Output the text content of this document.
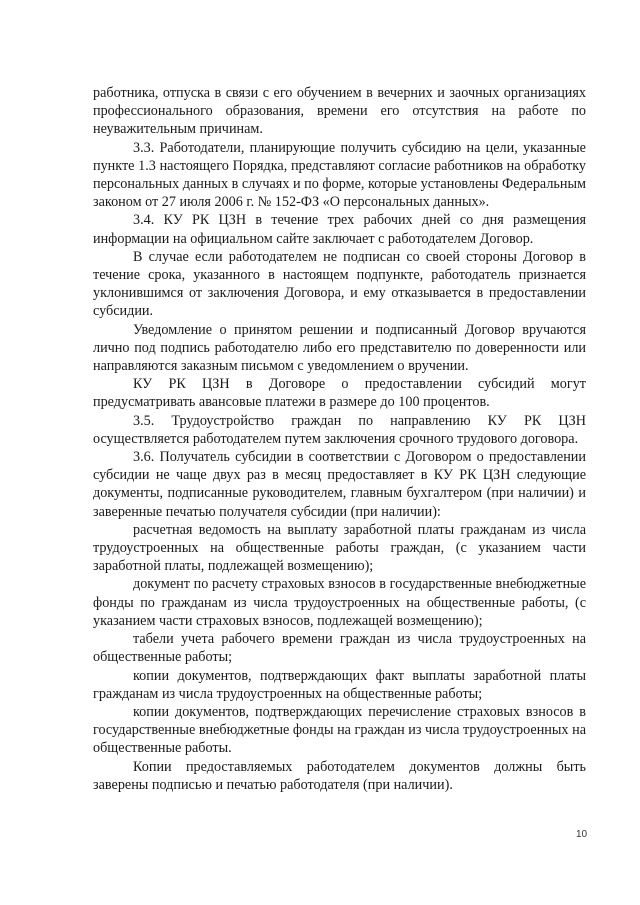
работника, отпуска в связи с его обучением в вечерних и заочных организациях профессионального образования, времени его отсутствия на работе по неуважительным причинам.

3.3. Работодатели, планирующие получить субсидию на цели, указанные пункте 1.3 настоящего Порядка, представляют согласие работников на обработку персональных данных в случаях и по форме, которые установлены Федеральным законом от 27 июля 2006 г. № 152-ФЗ «О персональных данных».

3.4. КУ РК ЦЗН в течение трех рабочих дней со дня размещения информации на официальном сайте заключает с работодателем Договор.

В случае если работодателем не подписан со своей стороны Договор в течение срока, указанного в настоящем подпункте, работодатель признается уклонившимся от заключения Договора, и ему отказывается в предоставлении субсидии.

Уведомление о принятом решении и подписанный Договор вручаются лично под подпись работодателю либо его представителю по доверенности или направляются заказным письмом с уведомлением о вручении.

КУ РК ЦЗН в Договоре о предоставлении субсидий могут предусматривать авансовые платежи в размере до 100 процентов.

3.5. Трудоустройство граждан по направлению КУ РК ЦЗН осуществляется работодателем путем заключения срочного трудового договора.

3.6. Получатель субсидии в соответствии с Договором о предоставлении субсидии не чаще двух раз в месяц предоставляет в КУ РК ЦЗН следующие документы, подписанные руководителем, главным бухгалтером (при наличии) и заверенные печатью получателя субсидии (при наличии):

расчетная ведомость на выплату заработной платы гражданам из числа трудоустроенных на общественные работы граждан, (с указанием части заработной платы, подлежащей возмещению);

документ по расчету страховых взносов в государственные внебюджетные фонды по гражданам из числа трудоустроенных на общественные работы, (с указанием части страховых взносов, подлежащей возмещению);

табели учета рабочего времени граждан из числа трудоустроенных на общественные работы;

копии документов, подтверждающих факт выплаты заработной платы гражданам из числа трудоустроенных на общественные работы;

копии документов, подтверждающих перечисление страховых взносов в государственные внебюджетные фонды на граждан из числа трудоустроенных на общественные работы.

Копии предоставляемых работодателем документов должны быть заверены подписью и печатью работодателя (при наличии).

10
